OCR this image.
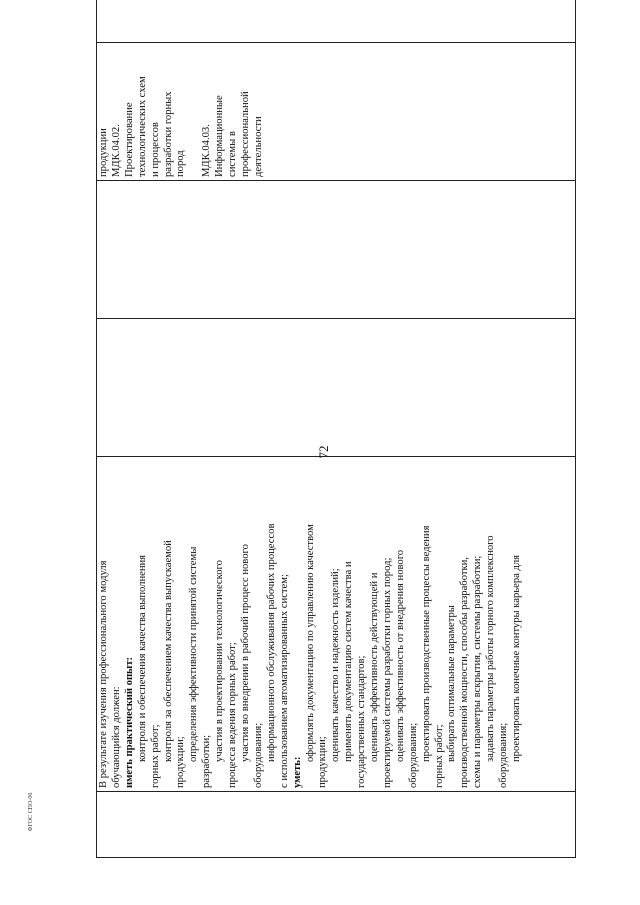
72

В результате изучения профессионального модуля обучающийся должен: иметь практический опыт: контроля и обеспечения качества выполнения горных работ; контроля за обеспечением качества выпускаемой
продукции;
определения эффективности принятой системы разработки; участия в проектировании технологического процесса ведения горных работ; участия во внедрении в рабочий процесс нового оборудования; информационного обслуживания рабочих процессов с использованием автоматизированных систем; уметь:
оформлять документацию по управлению качеством
продукции;
оценивать качество и надежность изделий; применять документацию систем качества и государственных стандартов; оценивать эффективность действующей и проектируемой системы разработки горных пород; оценивать эффективность от внедрения нового оборудования; проектировать производственные процессы ведения горных работ; выбирать оптимальные параметры производственной мощности, способы разработки, схемы и параметры вскрытия, системы разработки; задавать параметры работы горного комплексного оборудования; проектировать конечные контуры карьера для

продукции МДК.04.02. Проектирование технологических схем и процессов разработки горных пород МДК.04.03. Информационные системы в профессиональной деятельности

ФГОС СПО-06
